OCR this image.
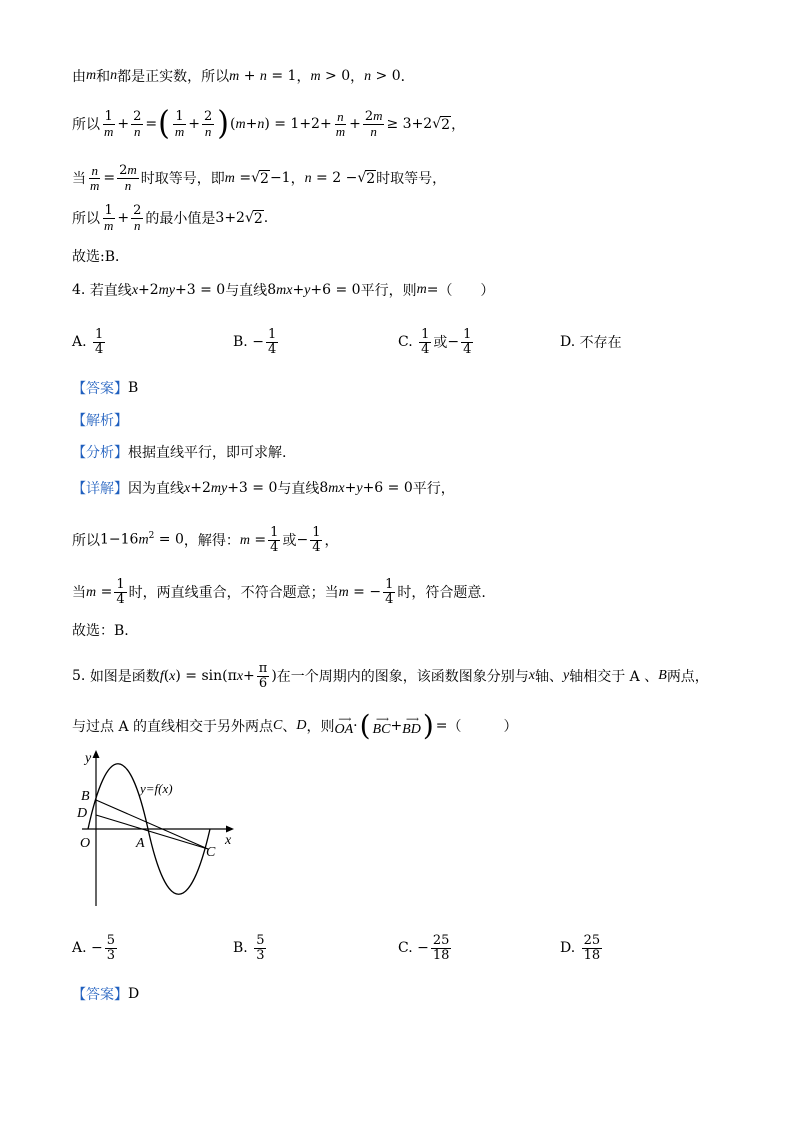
由 m 和 n 都是正实数，所以 m + n = 1 ， m > 0 ， n > 0 ．
所以 $\frac{1}{m} + \frac{2}{n}$ = ( $\frac{1}{m} + \frac{2}{n}$ ) $(m+n) = 1+2+ \frac{n}{m} + \frac{2m}{n} \ge 3+2$ √ 2 ，
当 $\frac{n}{m} = \frac{2m}{n}$ 时取等号，即 m = √ 2 −1 ， n = 2 − √ 2 时取等号，
所以 $\frac{1}{m} + \frac{2}{n}$ 的最小值是 3+2 √ 2 .
故选:B．
4.
若直线 x+2my+3 = 0 与直线 8mx+y+6 = 0 平行，则 m = （　　）
A.
$\frac{1}{4}$	B. − $\frac{1}{4}$	C.
$\frac{1}{4}$ 或 − $\frac{1}{4}$	D.
不存在
【答案】 B
【解析】
【分析】 根据直线平行，即可求解.
【详解】 因为直线 x+2my+3 = 0 与直线 8mx+y+6 = 0 平行，
所以 $1-16m^2 = 0$ ，解得： $m = \frac{1}{4}$ 或 − $\frac{1}{4}$ ，
当 $m = \frac{1}{4}$ 时，两直线重合，不符合题意；当 m = − $\frac{1}{4}$ 时，符合题意.
故选：B.
5.
如图是函数 $f(x) = \sin(\pi x+ \frac{\pi}{6}$ ) 在一个周期内的图象，该函数图象分别与 x 轴、 y 轴相交于 A 、 B 两点，
与过点 A 的直线相交于另外两点 C 、 D ，则 ⟶
OA · ( ⟶
BC + ⟶
BD ) = （　　　）
y
x
O
y=f(x)
B
D
A
C
A. − $\frac{5}{3}$	B.
$\frac{5}{3}$	C. − $\frac{25}{18}$	D.
$\frac{25}{18}$
【答案】 D
